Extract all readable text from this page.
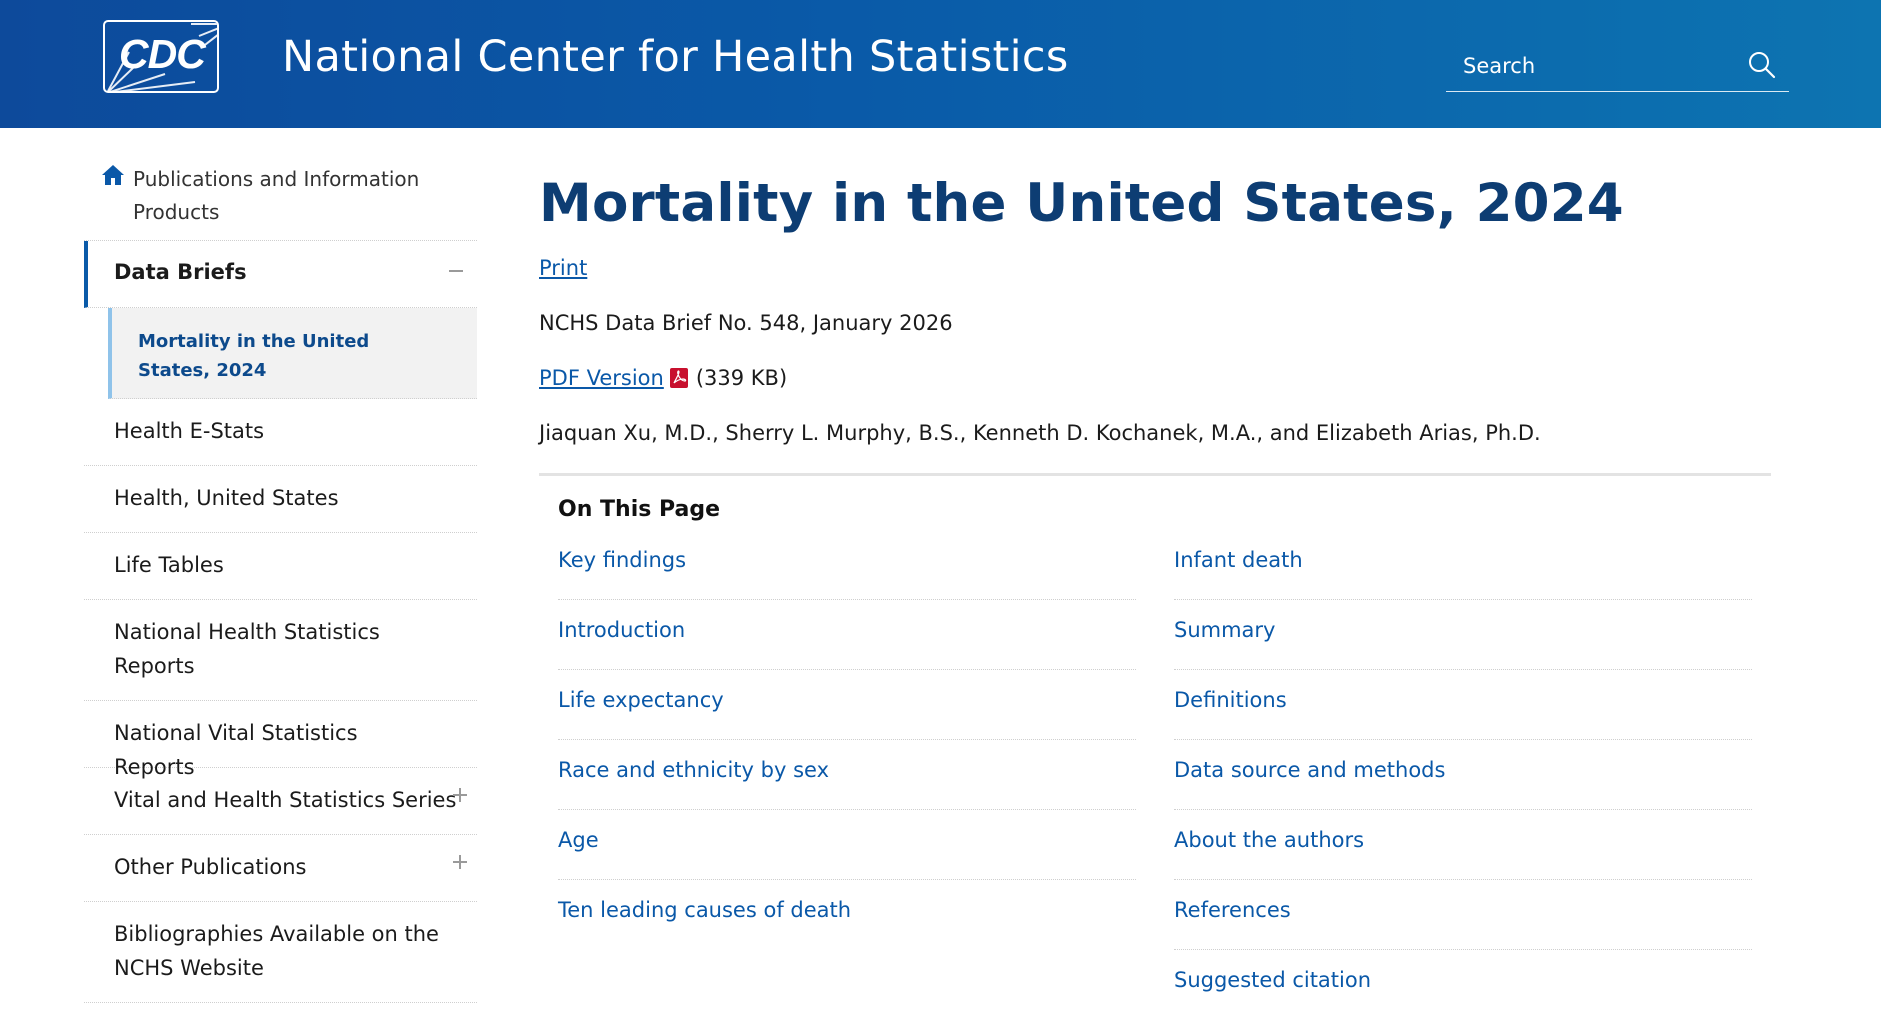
CDC National Center for Health Statistics	Search
Publications and Information Products
Data Briefs
Mortality in the United States, 2024
Health E-Stats
Health, United States
Life Tables
National Health Statistics Reports
National Vital Statistics Reports
Vital and Health Statistics Series
Other Publications
Bibliographies Available on the NCHS Website
Mortality in the United States, 2024
Print
NCHS Data Brief No. 548, January 2026
PDF Version (339 KB)
Jiaquan Xu, M.D., Sherry L. Murphy, B.S., Kenneth D. Kochanek, M.A., and Elizabeth Arias, Ph.D.
On This Page
Key findings
Introduction
Life expectancy
Race and ethnicity by sex
Age
Ten leading causes of death
Infant death
Summary
Definitions
Data source and methods
About the authors
References
Suggested citation
